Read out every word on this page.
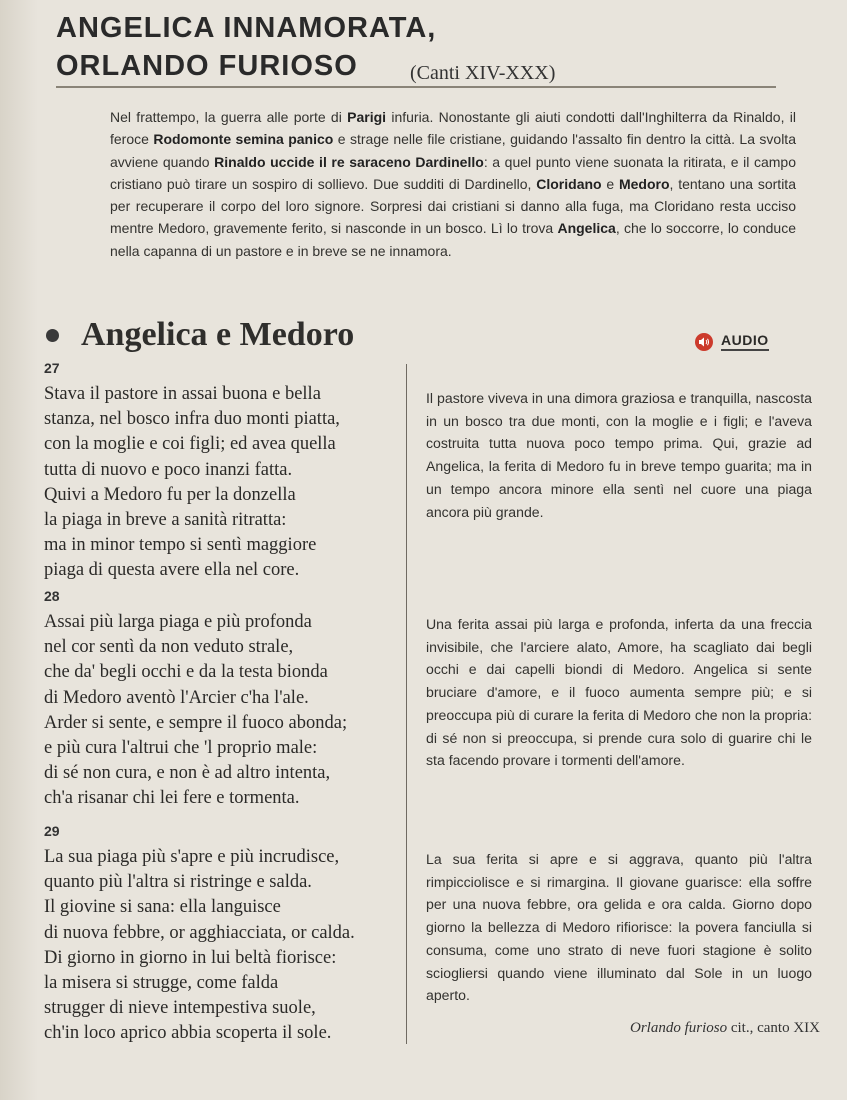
ANGELICA INNAMORATA,
ORLANDO FURIOSO	(Canti XIV-XXX)
Nel frattempo, la guerra alle porte di Parigi infuria. Nonostante gli aiuti condotti dall'Inghilterra da Rinaldo, il feroce Rodomonte semina panico e strage nelle file cristiane, guidando l'assalto fin dentro la città. La svolta avviene quando Rinaldo uccide il re saraceno Dardinello: a quel punto viene suonata la ritirata, e il campo cristiano può tirare un sospiro di sollievo. Due sudditi di Dardinello, Cloridano e Medoro, tentano una sortita per recuperare il corpo del loro signore. Sorpresi dai cristiani si danno alla fuga, ma Cloridano resta ucciso mentre Medoro, gravemente ferito, si nasconde in un bosco. Lì lo trova Angelica, che lo soccorre, lo conduce nella capanna di un pastore e in breve se ne innamora.
Angelica e Medoro	AUDIO
27
Stava il pastore in assai buona e bella
stanza, nel bosco infra duo monti piatta,
con la moglie e coi figli; ed avea quella
tutta di nuovo e poco inanzi fatta.
Quivi a Medoro fu per la donzella
la piaga in breve a sanità ritratta:
ma in minor tempo si sentì maggiore
piaga di questa avere ella nel core.
Il pastore viveva in una dimora graziosa e tranquilla, nascosta in un bosco tra due monti, con la moglie e i figli; e l'aveva costruita tutta nuova poco tempo prima. Qui, grazie ad Angelica, la ferita di Medoro fu in breve tempo guarita; ma in un tempo ancora minore ella sentì nel cuore una piaga ancora più grande.
28
Assai più larga piaga e più profonda
nel cor sentì da non veduto strale,
che da' begli occhi e da la testa bionda
di Medoro aventò l'Arcier c'ha l'ale.
Arder si sente, e sempre il fuoco abonda;
e più cura l'altrui che 'l proprio male:
di sé non cura, e non è ad altro intenta,
ch'a risanar chi lei fere e tormenta.
Una ferita assai più larga e profonda, inferta da una freccia invisibile, che l'arciere alato, Amore, ha scagliato dai begli occhi e dai capelli biondi di Medoro. Angelica si sente bruciare d'amore, e il fuoco aumenta sempre più; e si preoccupa più di curare la ferita di Medoro che non la propria: di sé non si preoccupa, si prende cura solo di guarire chi le sta facendo provare i tormenti dell'amore.
29
La sua piaga più s'apre e più incrudisce,
quanto più l'altra si ristringe e salda.
Il giovine si sana: ella languisce
di nuova febbre, or agghiacciata, or calda.
Di giorno in giorno in lui beltà fiorisce:
la misera si strugge, come falda
strugger di nieve intempestiva suole,
ch'in loco aprico abbia scoperta il sole.
La sua ferita si apre e si aggrava, quanto più l'altra rimpicciolisce e si rimargina. Il giovane guarisce: ella soffre per una nuova febbre, ora gelida e ora calda. Giorno dopo giorno la bellezza di Medoro rifiorisce: la povera fanciulla si consuma, come uno strato di neve fuori stagione è solito sciogliersi quando viene illuminato dal Sole in un luogo aperto.
Orlando furioso cit., canto XIX
